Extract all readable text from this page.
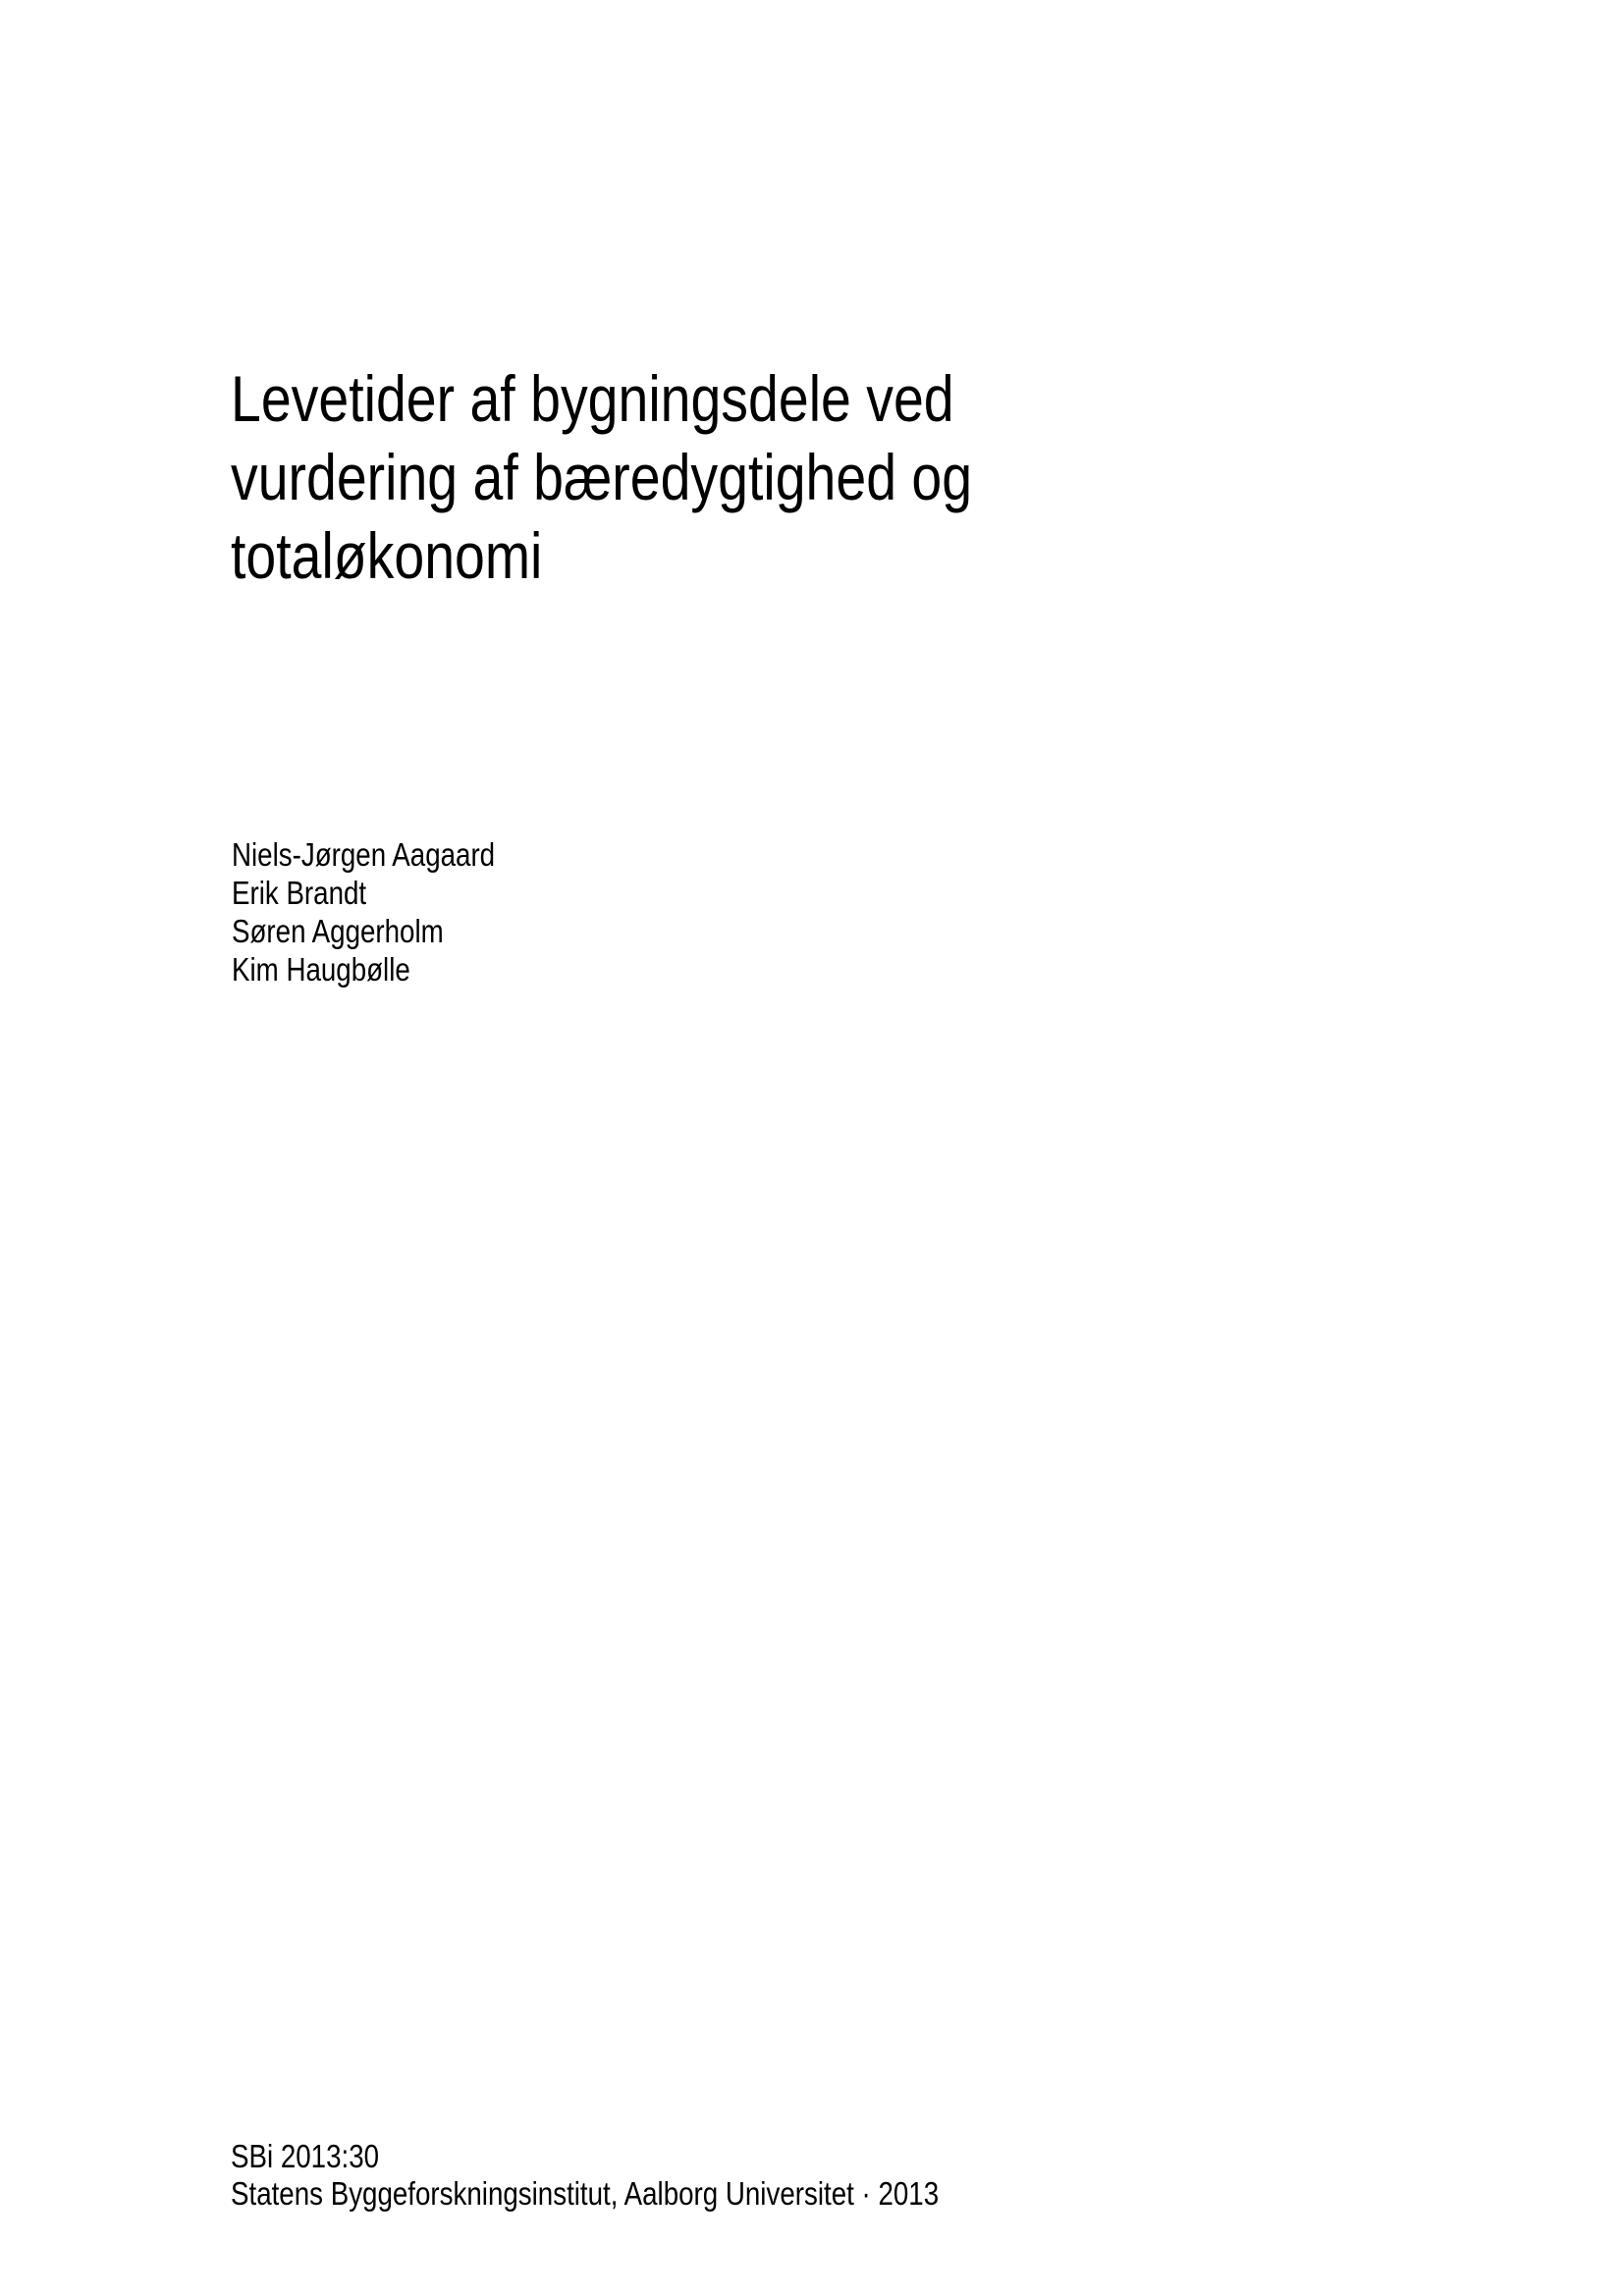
Levetider af bygningsdele ved
vurdering af bæredygtighed og
totaløkonomi
Niels-Jørgen Aagaard
Erik Brandt
Søren Aggerholm
Kim Haugbølle
SBi 2013:30
Statens Byggeforskningsinstitut, Aalborg Universitet · 2013
